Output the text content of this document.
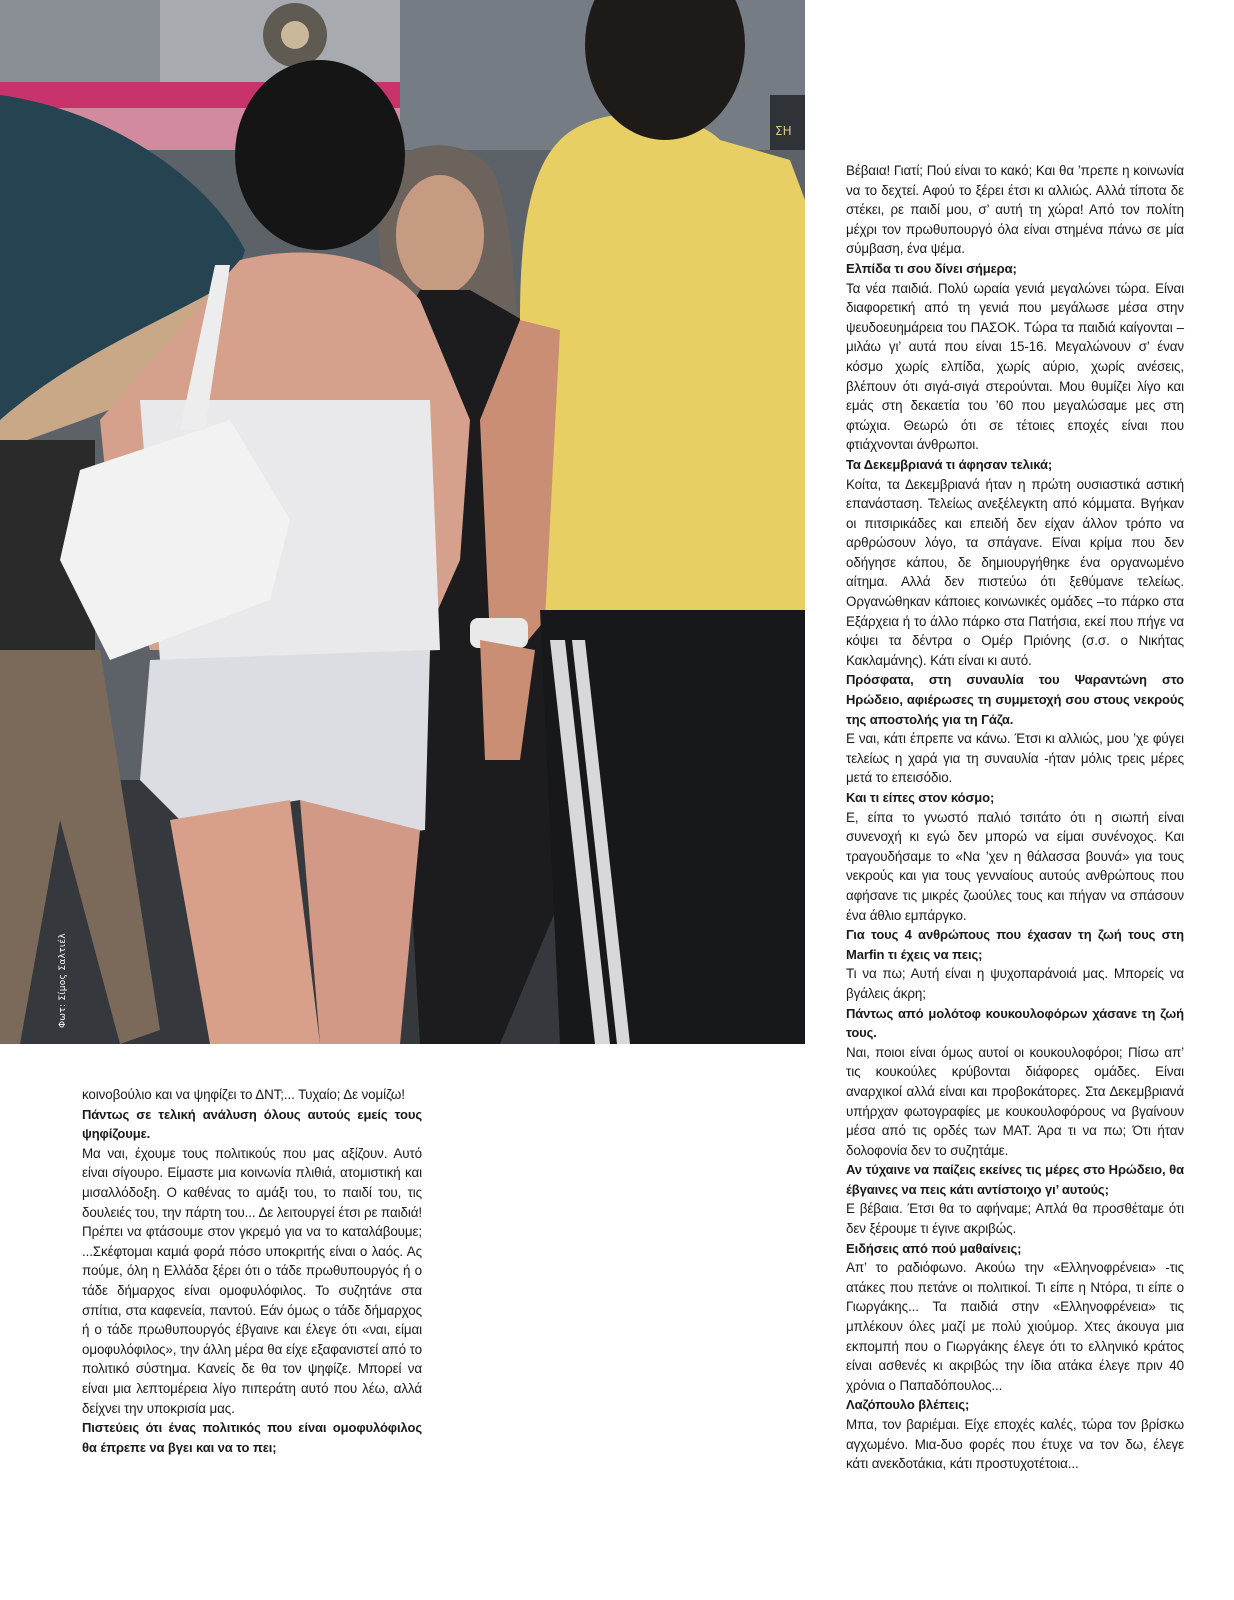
ΣΗ
Φωτ: Σίμος Σαλτιέλ

Βέβαια! Γιατί; Πού είναι το κακό; Και θα ’πρεπε η κοινωνία να το δεχτεί. Αφού το ξέρει έτσι κι αλλιώς. Αλλά τίποτα δε στέκει, ρε παιδί μου, σ’ αυτή τη χώρα! Από τον πολίτη μέχρι τον πρωθυπουργό όλα είναι στημένα πάνω σε μία σύμβαση, ένα ψέμα.

Ελπίδα τι σου δίνει σήμερα;

Τα νέα παιδιά. Πολύ ωραία γενιά μεγαλώνει τώρα. Είναι διαφορετική από τη γενιά που μεγάλωσε μέσα στην ψευδοευημάρεια του ΠΑΣΟΚ. Τώρα τα παιδιά καίγονται –μιλάω γι’ αυτά που είναι 15-16. Μεγαλώνουν σ’ έναν κόσμο χωρίς ελπίδα, χωρίς αύριο, χωρίς ανέσεις, βλέπουν ότι σιγά-σιγά στερούνται. Μου θυμίζει λίγο και εμάς στη δεκαετία του ’60 που μεγαλώσαμε μες στη φτώχια. Θεωρώ ότι σε τέτοιες εποχές είναι που φτιάχνονται άνθρωποι.

Τα Δεκεμβριανά τι άφησαν τελικά;

Κοίτα, τα Δεκεμβριανά ήταν η πρώτη ουσιαστικά αστική επανάσταση. Τελείως ανεξέλεγκτη από κόμματα. Βγήκαν οι πιτσιρικάδες και επειδή δεν είχαν άλλον τρόπο να αρθρώσουν λόγο, τα σπάγανε. Είναι κρίμα που δεν οδήγησε κάπου, δε δημιουργήθηκε ένα οργανωμένο αίτημα. Αλλά δεν πιστεύω ότι ξεθύμανε τελείως. Οργανώθηκαν κάποιες κοινωνικές ομάδες –το πάρκο στα Εξάρχεια ή το άλλο πάρκο στα Πατήσια, εκεί που πήγε να κόψει τα δέντρα ο Ομέρ Πριόνης (σ.σ. ο Νικήτας Κακλαμάνης). Κάτι είναι κι αυτό.

Πρόσφατα, στη συναυλία του Ψαραντώνη στο Ηρώδειο, αφιέρωσες τη συμμετοχή σου στους νεκρούς της αποστολής για τη Γάζα.

Ε ναι, κάτι έπρεπε να κάνω. Έτσι κι αλλιώς, μου ’χε φύγει τελείως η χαρά για τη συναυλία -ήταν μόλις τρεις μέρες μετά το επεισόδιο.

Και τι είπες στον κόσμο;

Ε, είπα το γνωστό παλιό τσιτάτο ότι η σιωπή είναι συνενοχή κι εγώ δεν μπορώ να είμαι συνένοχος. Και τραγουδήσαμε το «Να ’χεν η θάλασσα βουνά» για τους νεκρούς και για τους γενναίους αυτούς ανθρώπους που αφήσανε τις μικρές ζωούλες τους και πήγαν να σπάσουν ένα άθλιο εμπάργκο.

Για τους 4 ανθρώπους που έχασαν τη ζωή τους στη Marfin τι έχεις να πεις;

Τι να πω; Αυτή είναι η ψυχοπαράνοιά μας. Μπορείς να βγάλεις άκρη;

Πάντως από μολότοφ κουκουλοφόρων χάσανε τη ζωή τους.

Ναι, ποιοι είναι όμως αυτοί οι κουκουλοφόροι; Πίσω απ’ τις κουκούλες κρύβονται διάφορες ομάδες. Είναι αναρχικοί αλλά είναι και προβοκάτορες. Στα Δεκεμβριανά υπήρχαν φωτογραφίες με κουκουλοφόρους να βγαίνουν μέσα από τις ορδές των ΜΑΤ. Άρα τι να πω; Ότι ήταν δολοφονία δεν το συζητάμε.

Αν τύχαινε να παίζεις εκείνες τις μέρες στο Ηρώδειο, θα έβγαινες να πεις κάτι αντίστοιχο γι’ αυτούς;

Ε βέβαια. Έτσι θα το αφήναμε; Απλά θα προσθέταμε ότι δεν ξέρουμε τι έγινε ακριβώς.

Ειδήσεις από πού μαθαίνεις;

Απ’ το ραδιόφωνο. Ακούω την «Ελληνοφρένεια» -τις ατάκες που πετάνε οι πολιτικοί. Τι είπε η Ντόρα, τι είπε ο Γιωργάκης... Τα παιδιά στην «Ελληνοφρένεια» τις μπλέκουν όλες μαζί με πολύ χιούμορ. Χτες άκουγα μια εκπομπή που ο Γιωργάκης έλεγε ότι το ελληνικό κράτος είναι ασθενές κι ακριβώς την ίδια ατάκα έλεγε πριν 40 χρόνια ο Παπαδόπουλος...

Λαζόπουλο βλέπεις;

Μπα, τον βαριέμαι. Είχε εποχές καλές, τώρα τον βρίσκω αγχωμένο. Μια-δυο φορές που έτυχε να τον δω, έλεγε κάτι ανεκδοτάκια, κάτι προστυχοτέτοια...

κοινοβούλιο και να ψηφίζει το ΔΝΤ;... Τυχαίο; Δε νομίζω!

Πάντως σε τελική ανάλυση όλους αυτούς εμείς τους ψηφίζουμε.

Μα ναι, έχουμε τους πολιτικούς που μας αξίζουν. Αυτό είναι σίγουρο. Είμαστε μια κοινωνία πλιθιά, ατομιστική και μισαλλόδοξη. Ο καθένας το αμάξι του, το παιδί του, τις δουλειές του, την πάρτη του... Δε λειτουργεί έτσι ρε παιδιά! Πρέπει να φτάσουμε στον γκρεμό για να το καταλάβουμε; ...Σκέφτομαι καμιά φορά πόσο υποκριτής είναι ο λαός. Ας πούμε, όλη η Ελλάδα ξέρει ότι ο τάδε πρωθυπουργός ή ο τάδε δήμαρχος είναι ομοφυλόφιλος. Το συζητάνε στα σπίτια, στα καφενεία, παντού. Εάν όμως ο τάδε δήμαρχος ή ο τάδε πρωθυπουργός έβγαινε και έλεγε ότι «ναι, είμαι ομοφυλόφιλος», την άλλη μέρα θα είχε εξαφανιστεί από το πολιτικό σύστημα. Κανείς δε θα τον ψηφίζε. Μπορεί να είναι μια λεπτομέρεια λίγο πιπεράτη αυτό που λέω, αλλά δείχνει την υποκρισία μας.

Πιστεύεις ότι ένας πολιτικός που είναι ομοφυλόφιλος θα έπρεπε να βγει και να το πει;
